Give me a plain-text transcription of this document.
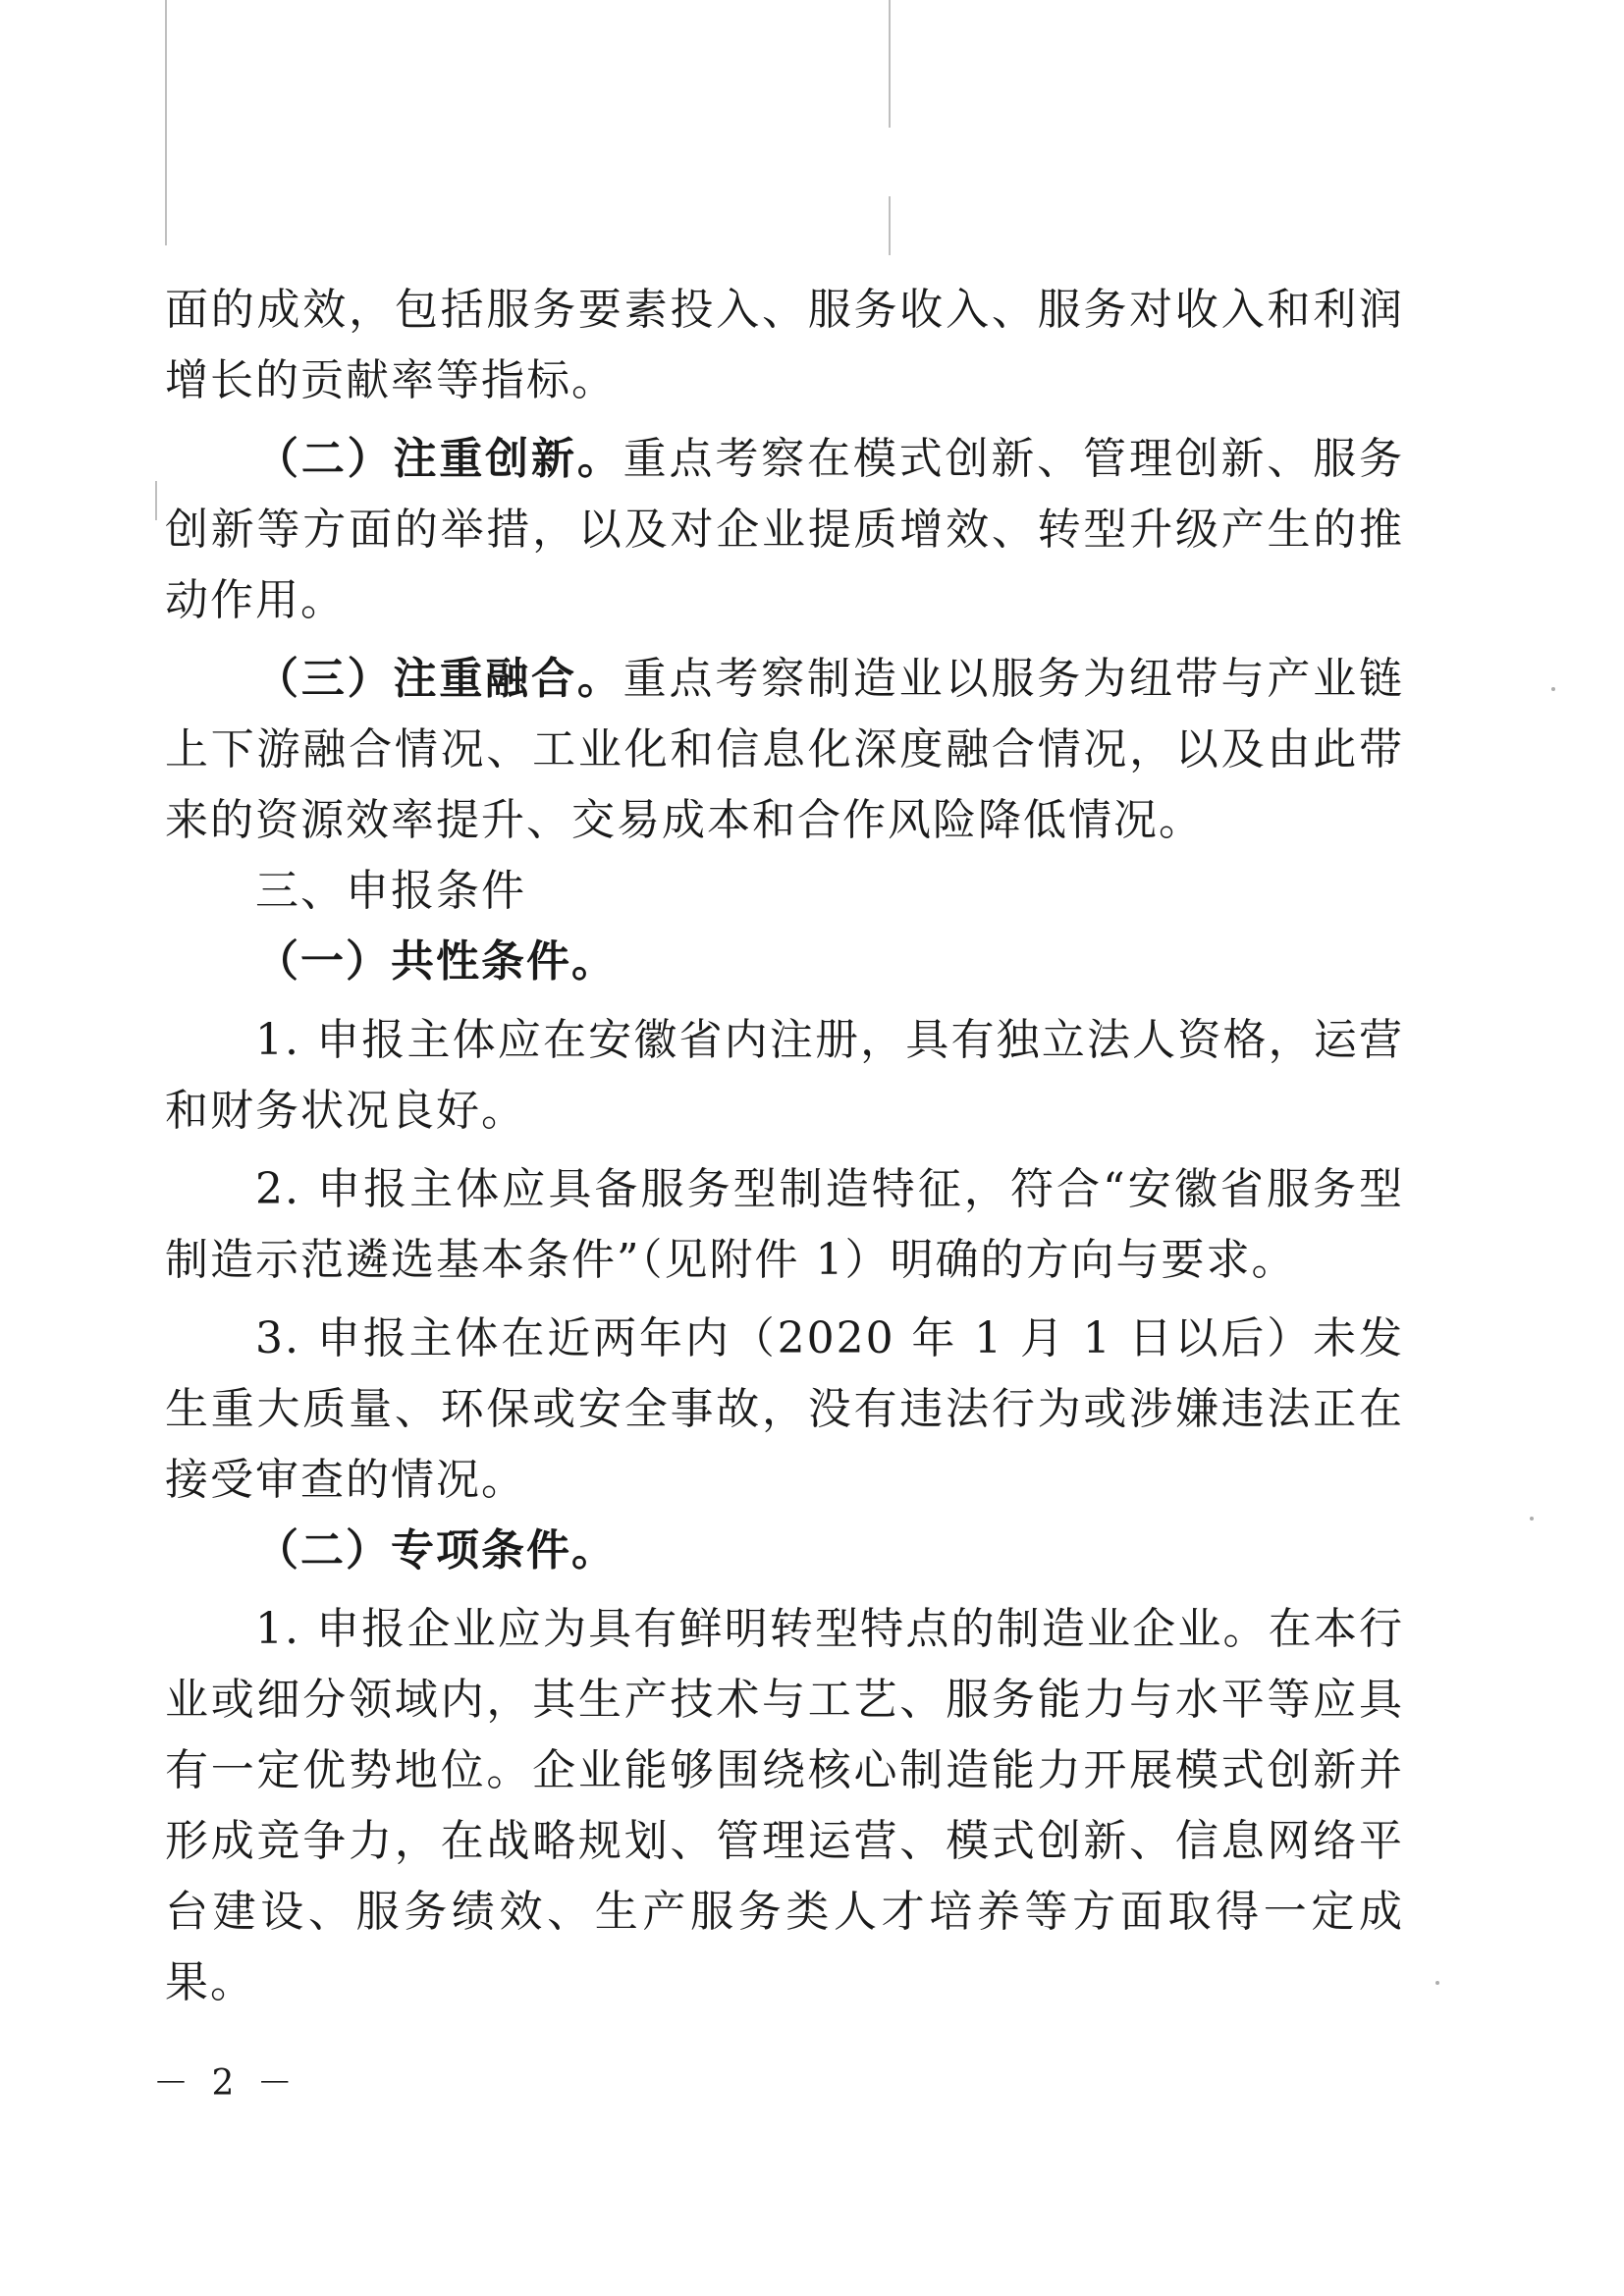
面的成效，包括服务要素投入、服务收入、服务对收入和利润增长的贡献率等指标。

（二）注重创新。重点考察在模式创新、管理创新、服务创新等方面的举措，以及对企业提质增效、转型升级产生的推动作用。

（三）注重融合。重点考察制造业以服务为纽带与产业链上下游融合情况、工业化和信息化深度融合情况，以及由此带来的资源效率提升、交易成本和合作风险降低情况。

三、申报条件

（一）共性条件。

1. 申报主体应在安徽省内注册，具有独立法人资格，运营和财务状况良好。

2. 申报主体应具备服务型制造特征，符合“安徽省服务型制造示范遴选基本条件”（见附件 1）明确的方向与要求。

3. 申报主体在近两年内（2020 年 1 月 1 日以后）未发生重大质量、环保或安全事故，没有违法行为或涉嫌违法正在接受审查的情况。

（二）专项条件。

1. 申报企业应为具有鲜明转型特点的制造业企业。在本行业或细分领域内，其生产技术与工艺、服务能力与水平等应具有一定优势地位。企业能够围绕核心制造能力开展模式创新并形成竞争力，在战略规划、管理运营、模式创新、信息网络平台建设、服务绩效、生产服务类人才培养等方面取得一定成果。

－ 2 －
